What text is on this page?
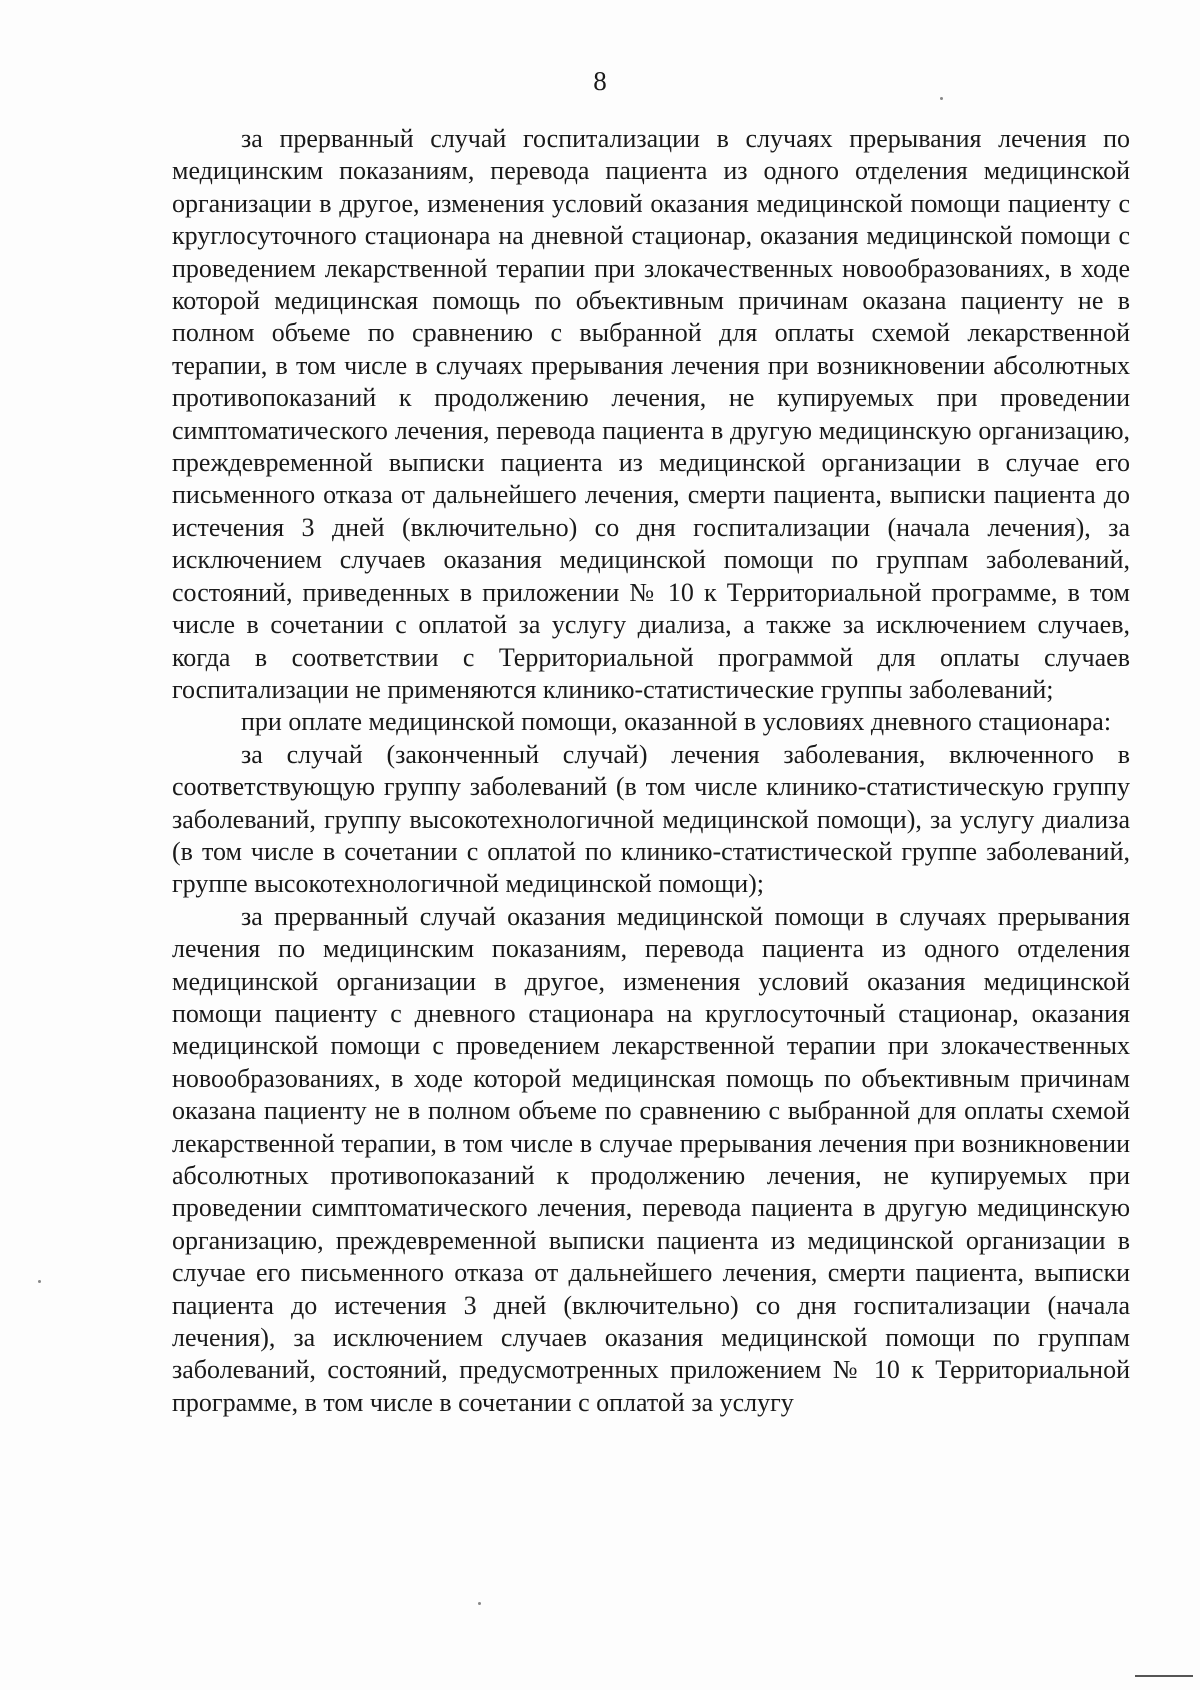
8

за прерванный случай госпитализации в случаях прерывания лечения по медицинским показаниям, перевода пациента из одного отделения медицинской организации в другое, изменения условий оказания медицинской помощи пациенту с круглосуточного стационара на дневной стационар, оказания медицинской помощи с проведением лекарственной терапии при злокачественных новообразованиях, в ходе которой медицинская помощь по объективным причинам оказана пациенту не в полном объеме по сравнению с выбранной для оплаты схемой лекарственной терапии, в том числе в случаях прерывания лечения при возникновении абсолютных противопоказаний к продолжению лечения, не купируемых при проведении симптоматического лечения, перевода пациента в другую медицинскую организацию, преждевременной выписки пациента из медицинской организации в случае его письменного отказа от дальнейшего лечения, смерти пациента, выписки пациента до истечения 3 дней (включительно) со дня госпитализации (начала лечения), за исключением случаев оказания медицинской помощи по группам заболеваний, состояний, приведенных в приложении № 10 к Территориальной программе, в том числе в сочетании с оплатой за услугу диализа, а также за исключением случаев, когда в соответствии с Территориальной программой для оплаты случаев госпитализации не применяются клинико-статистические группы заболеваний;

при оплате медицинской помощи, оказанной в условиях дневного стационара:

за случай (законченный случай) лечения заболевания, включенного в соответствующую группу заболеваний (в том числе клинико-статистическую группу заболеваний, группу высокотехнологичной медицинской помощи), за услугу диализа (в том числе в сочетании с оплатой по клинико-статистической группе заболеваний, группе высокотехнологичной медицинской помощи);

за прерванный случай оказания медицинской помощи в случаях прерывания лечения по медицинским показаниям, перевода пациента из одного отделения медицинской организации в другое, изменения условий оказания медицинской помощи пациенту с дневного стационара на круглосуточный стационар, оказания медицинской помощи с проведением лекарственной терапии при злокачественных новообразованиях, в ходе которой медицинская помощь по объективным причинам оказана пациенту не в полном объеме по сравнению с выбранной для оплаты схемой лекарственной терапии, в том числе в случае прерывания лечения при возникновении абсолютных противопоказаний к продолжению лечения, не купируемых при проведении симптоматического лечения, перевода пациента в другую медицинскую организацию, преждевременной выписки пациента из медицинской организации в случае его письменного отказа от дальнейшего лечения, смерти пациента, выписки пациента до истечения 3 дней (включительно) со дня госпитализации (начала лечения), за исключением случаев оказания медицинской помощи по группам заболеваний, состояний, предусмотренных приложением № 10 к Территориальной программе, в том числе в сочетании с оплатой за услугу
